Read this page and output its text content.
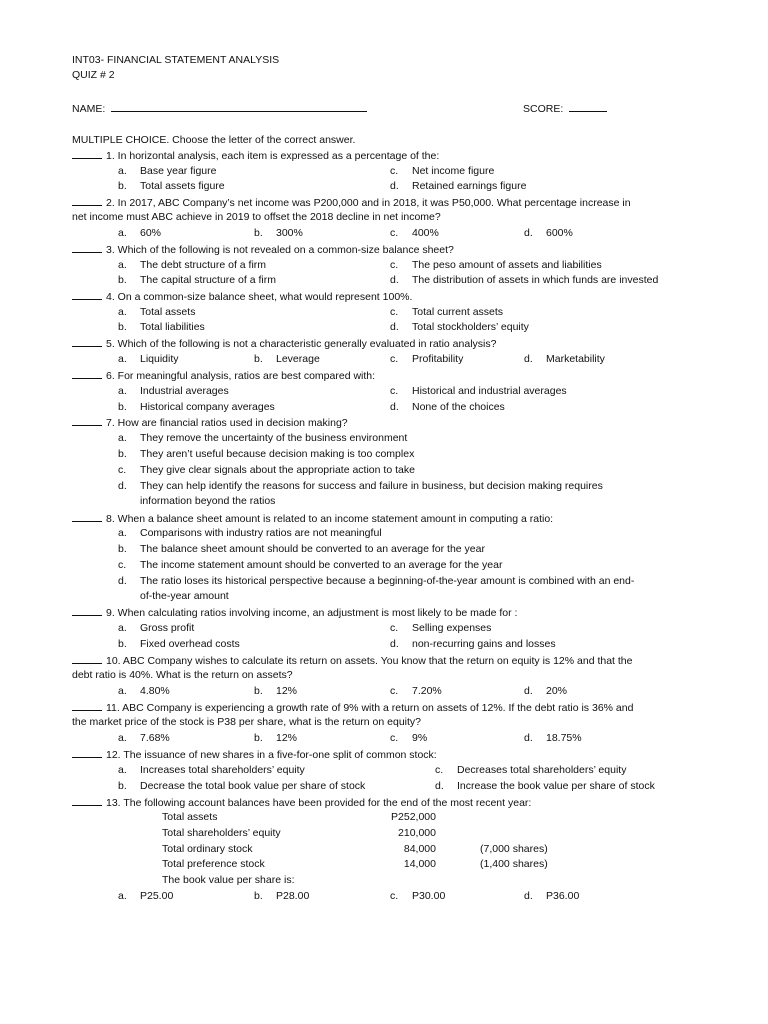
INT03- FINANCIAL STATEMENT ANALYSIS
QUIZ # 2
NAME:	SCORE:
MULTIPLE CHOICE. Choose the letter of the correct answer.
1. In horizontal analysis, each item is expressed as a percentage of the:
a. Base year figure	c. Net income figure
b. Total assets figure	d. Retained earnings figure
2. In 2017, ABC Company’s net income was P200,000 and in 2018, it was P50,000. What percentage increase in
net income must ABC achieve in 2019 to offset the 2018 decline in net income?
a. 60%	b. 300%	c. 400%	d. 600%
3. Which of the following is not revealed on a common-size balance sheet?
a. The debt structure of a firm	c. The peso amount of assets and liabilities
b. The capital structure of a firm	d. The distribution of assets in which funds are invested
4. On a common-size balance sheet, what would represent 100%.
a. Total assets	c. Total current assets
b. Total liabilities	d. Total stockholders’ equity
5. Which of the following is not a characteristic generally evaluated in ratio analysis?
a. Liquidity	b. Leverage	c. Profitability	d. Marketability
6. For meaningful analysis, ratios are best compared with:
a. Industrial averages	c. Historical and industrial averages
b. Historical company averages	d. None of the choices
7. How are financial ratios used in decision making?
a. They remove the uncertainty of the business environment
b. They aren’t useful because decision making is too complex
c. They give clear signals about the appropriate action to take
d. They can help identify the reasons for success and failure in business, but decision making requires
information beyond the ratios
8. When a balance sheet amount is related to an income statement amount in computing a ratio:
a. Comparisons with industry ratios are not meaningful
b. The balance sheet amount should be converted to an average for the year
c. The income statement amount should be converted to an average for the year
d. The ratio loses its historical perspective because a beginning-of-the-year amount is combined with an end-
of-the-year amount
9. When calculating ratios involving income, an adjustment is most likely to be made for :
a. Gross profit	c. Selling expenses
b. Fixed overhead costs	d. non-recurring gains and losses
10. ABC Company wishes to calculate its return on assets. You know that the return on equity is 12% and that the
debt ratio is 40%. What is the return on assets?
a. 4.80%	b. 12%	c. 7.20%	d. 20%
11. ABC Company is experiencing a growth rate of 9% with a return on assets of 12%. If the debt ratio is 36% and
the market price of the stock is P38 per share, what is the return on equity?
a. 7.68%	b. 12%	c. 9%	d. 18.75%
12. The issuance of new shares in a five-for-one split of common stock:
a. Increases total shareholders’ equity	c. Decreases total shareholders’ equity
b. Decrease the total book value per share of stock	d. Increase the book value per share of stock
13. The following account balances have been provided for the end of the most recent year:
Total assets	P252,000
Total shareholders’ equity	210,000
Total ordinary stock	84,000	(7,000 shares)
Total preference stock	14,000	(1,400 shares)
The book value per share is:
a. P25.00	b. P28.00	c. P30.00	d. P36.00
